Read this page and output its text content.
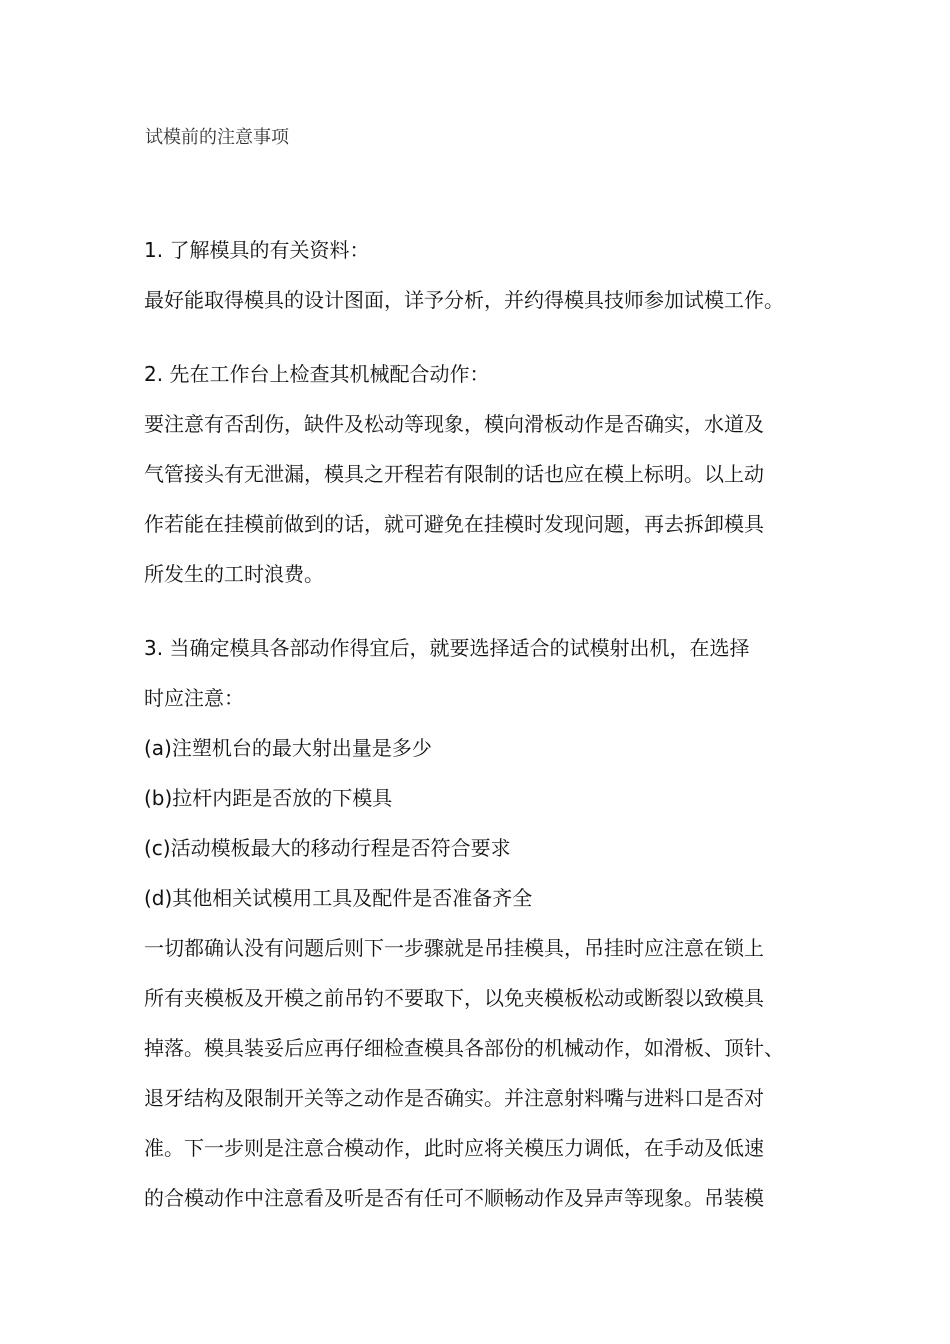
试模前的注意事项
1. 了解模具的有关资料：
最好能取得模具的设计图面，详予分析，并约得模具技师参加试模工作。
2. 先在工作台上检查其机械配合动作：
要注意有否刮伤，缺件及松动等现象，模向滑板动作是否确实，水道及
气管接头有无泄漏，模具之开程若有限制的话也应在模上标明。以上动
作若能在挂模前做到的话，就可避免在挂模时发现问题，再去拆卸模具
所发生的工时浪费。
3. 当确定模具各部动作得宜后，就要选择适合的试模射出机，在选择
时应注意：
(a)注塑机台的最大射出量是多少
(b)拉杆内距是否放的下模具
(c)活动模板最大的移动行程是否符合要求
(d)其他相关试模用工具及配件是否准备齐全
一切都确认没有问题后则下一步骤就是吊挂模具，吊挂时应注意在锁上
所有夹模板及开模之前吊钓不要取下，以免夹模板松动或断裂以致模具
掉落。模具装妥后应再仔细检查模具各部份的机械动作，如滑板、顶针、
退牙结构及限制开关等之动作是否确实。并注意射料嘴与进料口是否对
准。下一步则是注意合模动作，此时应将关模压力调低，在手动及低速
的合模动作中注意看及听是否有任可不顺畅动作及异声等现象。吊装模
